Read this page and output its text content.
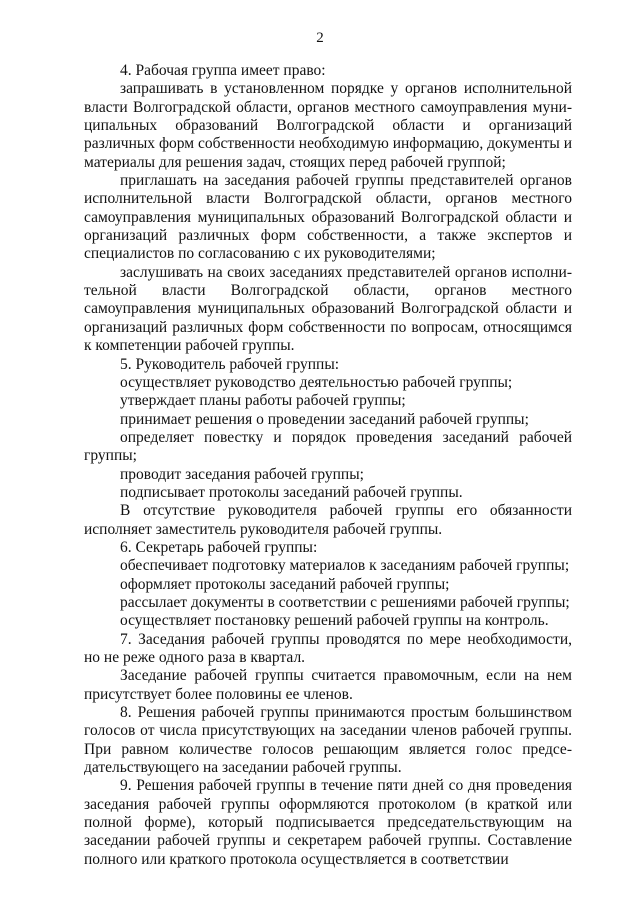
2

4. Рабочая группа имеет право:

запрашивать в установленном порядке у органов исполнительной власти Волгоградской области, органов местного самоуправления муниципальных образований Волгоградской области и организаций различных форм собственности необходимую информацию, документы и материалы для решения задач, стоящих перед рабочей группой;

приглашать на заседания рабочей группы представителей органов исполнительной власти Волгоградской области, органов местного самоуправления муниципальных образований Волгоградской области и организаций различных форм собственности, а также экспертов и специалистов по согласованию с их руководителями;

заслушивать на своих заседаниях представителей органов исполнительной власти Волгоградской области, органов местного самоуправления муниципальных образований Волгоградской области и организаций различных форм собственности по вопросам, относящимся к компетенции рабочей группы.

5. Руководитель рабочей группы:

осуществляет руководство деятельностью рабочей группы;

утверждает планы работы рабочей группы;

принимает решения о проведении заседаний рабочей группы;

определяет повестку и порядок проведения заседаний рабочей группы;

проводит заседания рабочей группы;

подписывает протоколы заседаний рабочей группы.

В отсутствие руководителя рабочей группы его обязанности исполняет заместитель руководителя рабочей группы.

6. Секретарь рабочей группы:

обеспечивает подготовку материалов к заседаниям рабочей группы;

оформляет протоколы заседаний рабочей группы;

рассылает документы в соответствии с решениями рабочей группы;

осуществляет постановку решений рабочей группы на контроль.

7. Заседания рабочей группы проводятся по мере необходимости, но не реже одного раза в квартал.

Заседание рабочей группы считается правомочным, если на нем присутствует более половины ее членов.

8. Решения рабочей группы принимаются простым большинством голосов от числа присутствующих на заседании членов рабочей группы. При равном количестве голосов решающим является голос председательствующего на заседании рабочей группы.

9. Решения рабочей группы в течение пяти дней со дня проведения заседания рабочей группы оформляются протоколом (в краткой или полной форме), который подписывается председательствующим на заседании рабочей группы и секретарем рабочей группы. Составление полного или краткого протокола осуществляется в соответствии
